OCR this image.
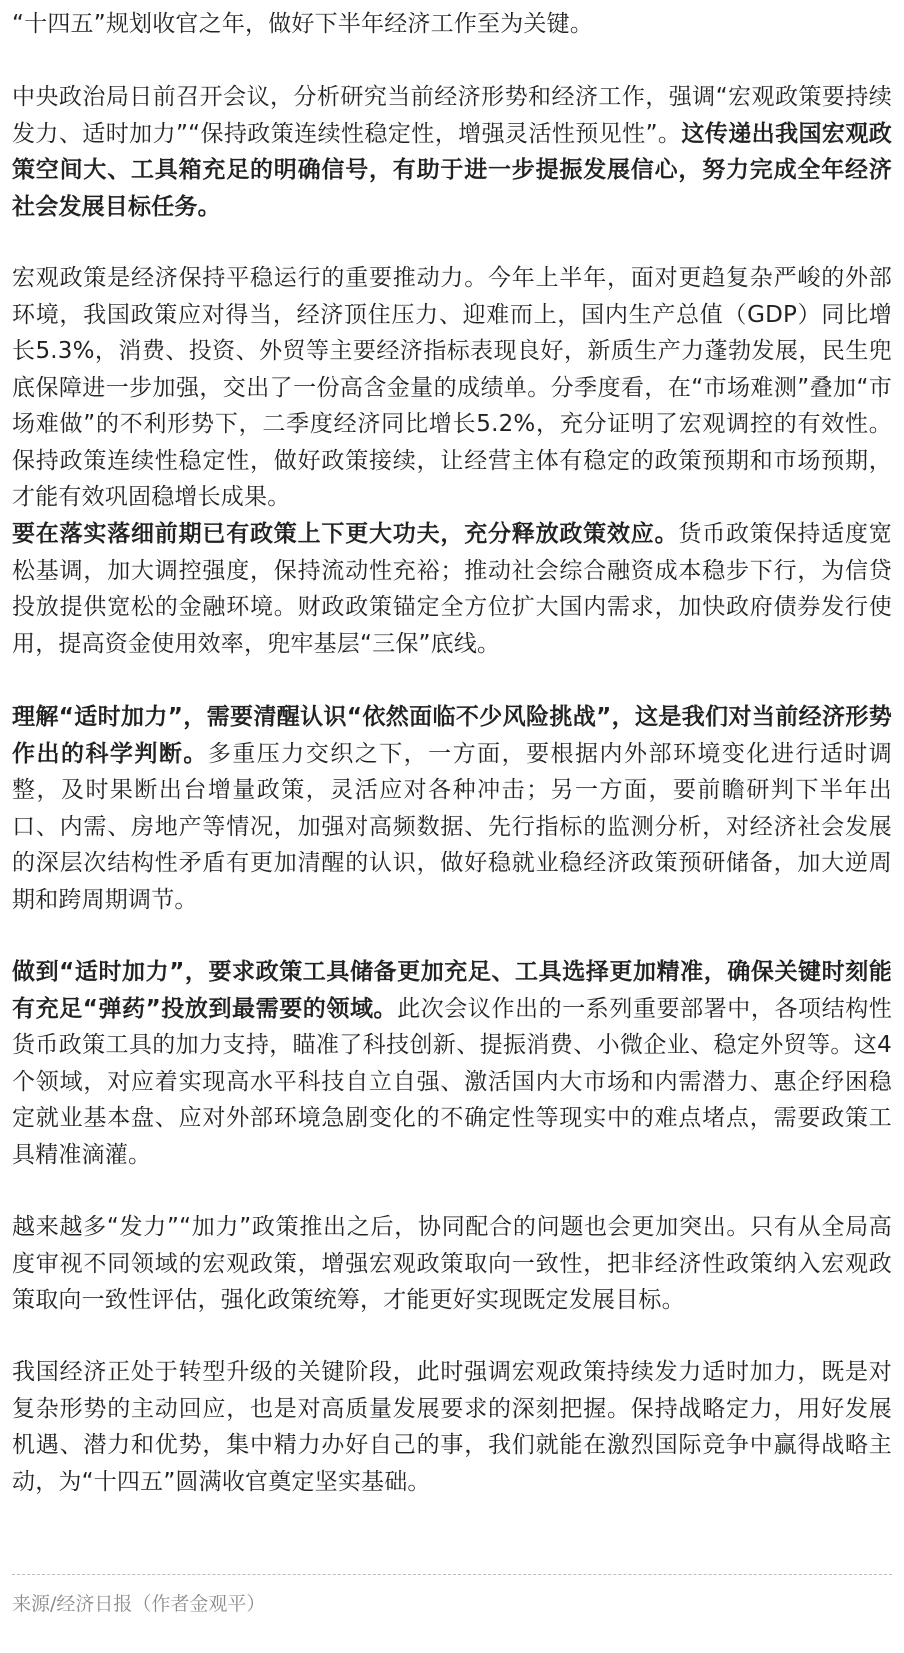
“十四五”规划收官之年，做好下半年经济工作至为关键。

中央政治局日前召开会议，分析研究当前经济形势和经济工作，强调“宏观政策要持续发力、适时加力”“保持政策连续性稳定性，增强灵活性预见性”。这传递出我国宏观政策空间大、工具箱充足的明确信号，有助于进一步提振发展信心，努力完成全年经济社会发展目标任务。

宏观政策是经济保持平稳运行的重要推动力。今年上半年，面对更趋复杂严峻的外部环境，我国政策应对得当，经济顶住压力、迎难而上，国内生产总值（GDP）同比增长5.3%，消费、投资、外贸等主要经济指标表现良好，新质生产力蓬勃发展，民生兜底保障进一步加强，交出了一份高含金量的成绩单。分季度看，在“市场难测”叠加“市场难做”的不利形势下，二季度经济同比增长5.2%，充分证明了宏观调控的有效性。保持政策连续性稳定性，做好政策接续，让经营主体有稳定的政策预期和市场预期，才能有效巩固稳增长成果。

要在落实落细前期已有政策上下更大功夫，充分释放政策效应。货币政策保持适度宽松基调，加大调控强度，保持流动性充裕；推动社会综合融资成本稳步下行，为信贷投放提供宽松的金融环境。财政政策锚定全方位扩大国内需求，加快政府债券发行使用，提高资金使用效率，兜牢基层“三保”底线。

理解“适时加力”，需要清醒认识“依然面临不少风险挑战”，这是我们对当前经济形势作出的科学判断。多重压力交织之下，一方面，要根据内外部环境变化进行适时调整，及时果断出台增量政策，灵活应对各种冲击；另一方面，要前瞻研判下半年出口、内需、房地产等情况，加强对高频数据、先行指标的监测分析，对经济社会发展的深层次结构性矛盾有更加清醒的认识，做好稳就业稳经济政策预研储备，加大逆周期和跨周期调节。

做到“适时加力”，要求政策工具储备更加充足、工具选择更加精准，确保关键时刻能有充足“弹药”投放到最需要的领域。此次会议作出的一系列重要部署中，各项结构性货币政策工具的加力支持，瞄准了科技创新、提振消费、小微企业、稳定外贸等。这4个领域，对应着实现高水平科技自立自强、激活国内大市场和内需潜力、惠企纾困稳定就业基本盘、应对外部环境急剧变化的不确定性等现实中的难点堵点，需要政策工具精准滴灌。

越来越多“发力”“加力”政策推出之后，协同配合的问题也会更加突出。只有从全局高度审视不同领域的宏观政策，增强宏观政策取向一致性，把非经济性政策纳入宏观政策取向一致性评估，强化政策统筹，才能更好实现既定发展目标。

我国经济正处于转型升级的关键阶段，此时强调宏观政策持续发力适时加力，既是对复杂形势的主动回应，也是对高质量发展要求的深刻把握。保持战略定力，用好发展机遇、潜力和优势，集中精力办好自己的事，我们就能在激烈国际竞争中赢得战略主动，为“十四五”圆满收官奠定坚实基础。

来源/经济日报（作者金观平）
